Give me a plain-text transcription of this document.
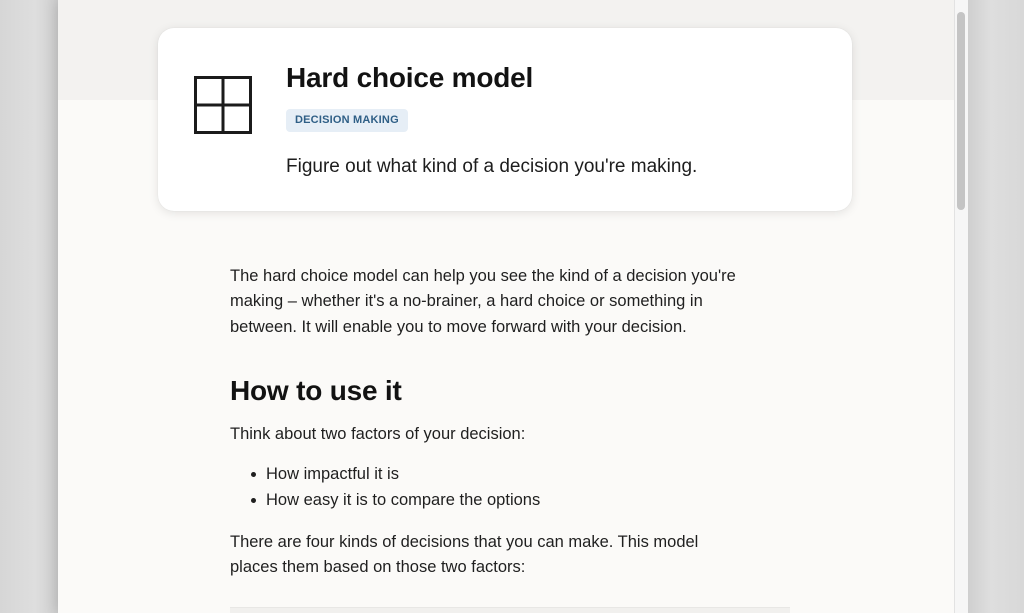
Hard choice model
DECISION MAKING

Figure out what kind of a decision you're making.

The hard choice model can help you see the kind of a decision you're

making – whether it's a no-brainer, a hard choice or something in

between. It will enable you to move forward with your decision.

How to use it

Think about two factors of your decision:

How impactful it is
How easy it is to compare the options

There are four kinds of decisions that you can make. This model

places them based on those two factors:
